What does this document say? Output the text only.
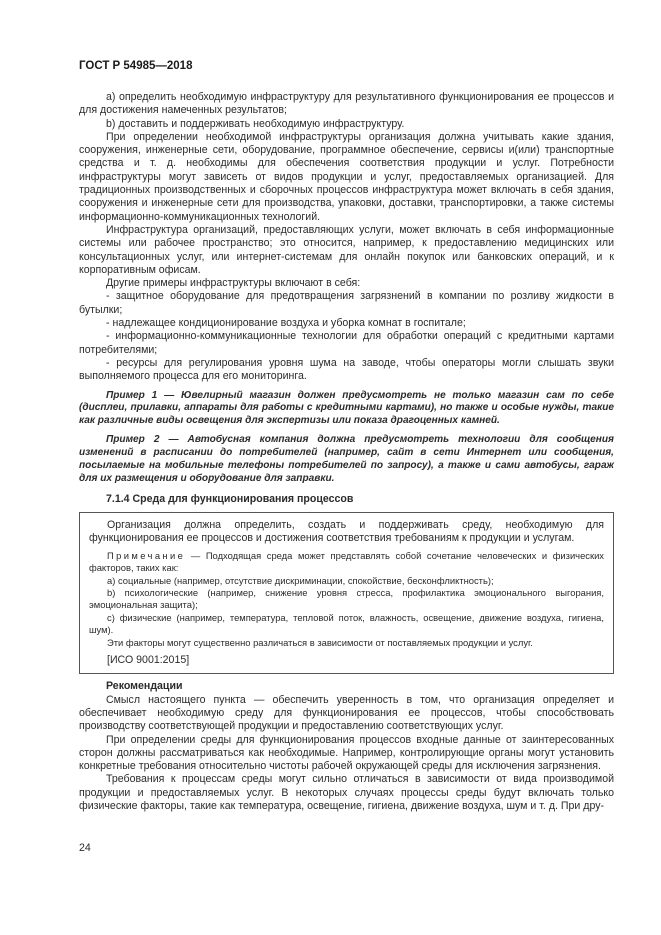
ГОСТ Р 54985—2018

a) определить необходимую инфраструктуру для результативного функционирования ее процессов и для достижения намеченных результатов;

b) доставить и поддерживать необходимую инфраструктуру.

При определении необходимой инфраструктуры организация должна учитывать какие здания, сооружения, инженерные сети, оборудование, программное обеспечение, сервисы и(или) транспортные средства и т. д. необходимы для обеспечения соответствия продукции и услуг. Потребности инфраструктуры могут зависеть от видов продукции и услуг, предоставляемых организацией. Для традиционных производственных и сборочных процессов инфраструктура может включать в себя здания, сооружения и инженерные сети для производства, упаковки, доставки, транспортировки, а также системы информационно-коммуникационных технологий.

Инфраструктура организаций, предоставляющих услуги, может включать в себя информационные системы или рабочее пространство; это относится, например, к предоставлению медицинских или консультационных услуг, или интернет-системам для онлайн покупок или банковских операций, и к корпоративным офисам.

Другие примеры инфраструктуры включают в себя:

- защитное оборудование для предотвращения загрязнений в компании по розливу жидкости в бутылки;

- надлежащее кондиционирование воздуха и уборка комнат в госпитале;

- информационно-коммуникационные технологии для обработки операций с кредитными картами потребителями;

- ресурсы для регулирования уровня шума на заводе, чтобы операторы могли слышать звуки выполняемого процесса для его мониторинга.

Пример 1 — Ювелирный магазин должен предусмотреть не только магазин сам по себе (дисплеи, прилавки, аппараты для работы с кредитными картами), но также и особые нужды, такие как различные виды освещения для экспертизы или показа драгоценных камней.

Пример 2 — Автобусная компания должна предусмотреть технологии для сообщения изменений в расписании до потребителей (например, сайт в сети Интернет или сообщения, посылаемые на мобильные телефоны потребителей по запросу), а также и сами автобусы, гараж для их размещения и оборудование для заправки.

7.1.4 Среда для функционирования процессов

Организация должна определить, создать и поддерживать среду, необходимую для функционирования ее процессов и достижения соответствия требованиям к продукции и услугам.

Примечание — Подходящая среда может представлять собой сочетание человеческих и физических факторов, таких как:

a) социальные (например, отсутствие дискриминации, спокойствие, бесконфликтность);

b) психологические (например, снижение уровня стресса, профилактика эмоционального выгорания, эмоциональная защита);

c) физические (например, температура, тепловой поток, влажность, освещение, движение воздуха, гигиена, шум).

Эти факторы могут существенно различаться в зависимости от поставляемых продукции и услуг.

[ИСО 9001:2015]

Рекомендации

Смысл настоящего пункта — обеспечить уверенность в том, что организация определяет и обеспечивает необходимую среду для функционирования ее процессов, чтобы способствовать производству соответствующей продукции и предоставлению соответствующих услуг.

При определении среды для функционирования процессов входные данные от заинтересованных сторон должны рассматриваться как необходимые. Например, контролирующие органы могут установить конкретные требования относительно чистоты рабочей окружающей среды для исключения загрязнения.

Требования к процессам среды могут сильно отличаться в зависимости от вида производимой продукции и предоставляемых услуг. В некоторых случаях процессы среды будут включать только физические факторы, такие как температура, освещение, гигиена, движение воздуха, шум и т. д. При дру-

24
